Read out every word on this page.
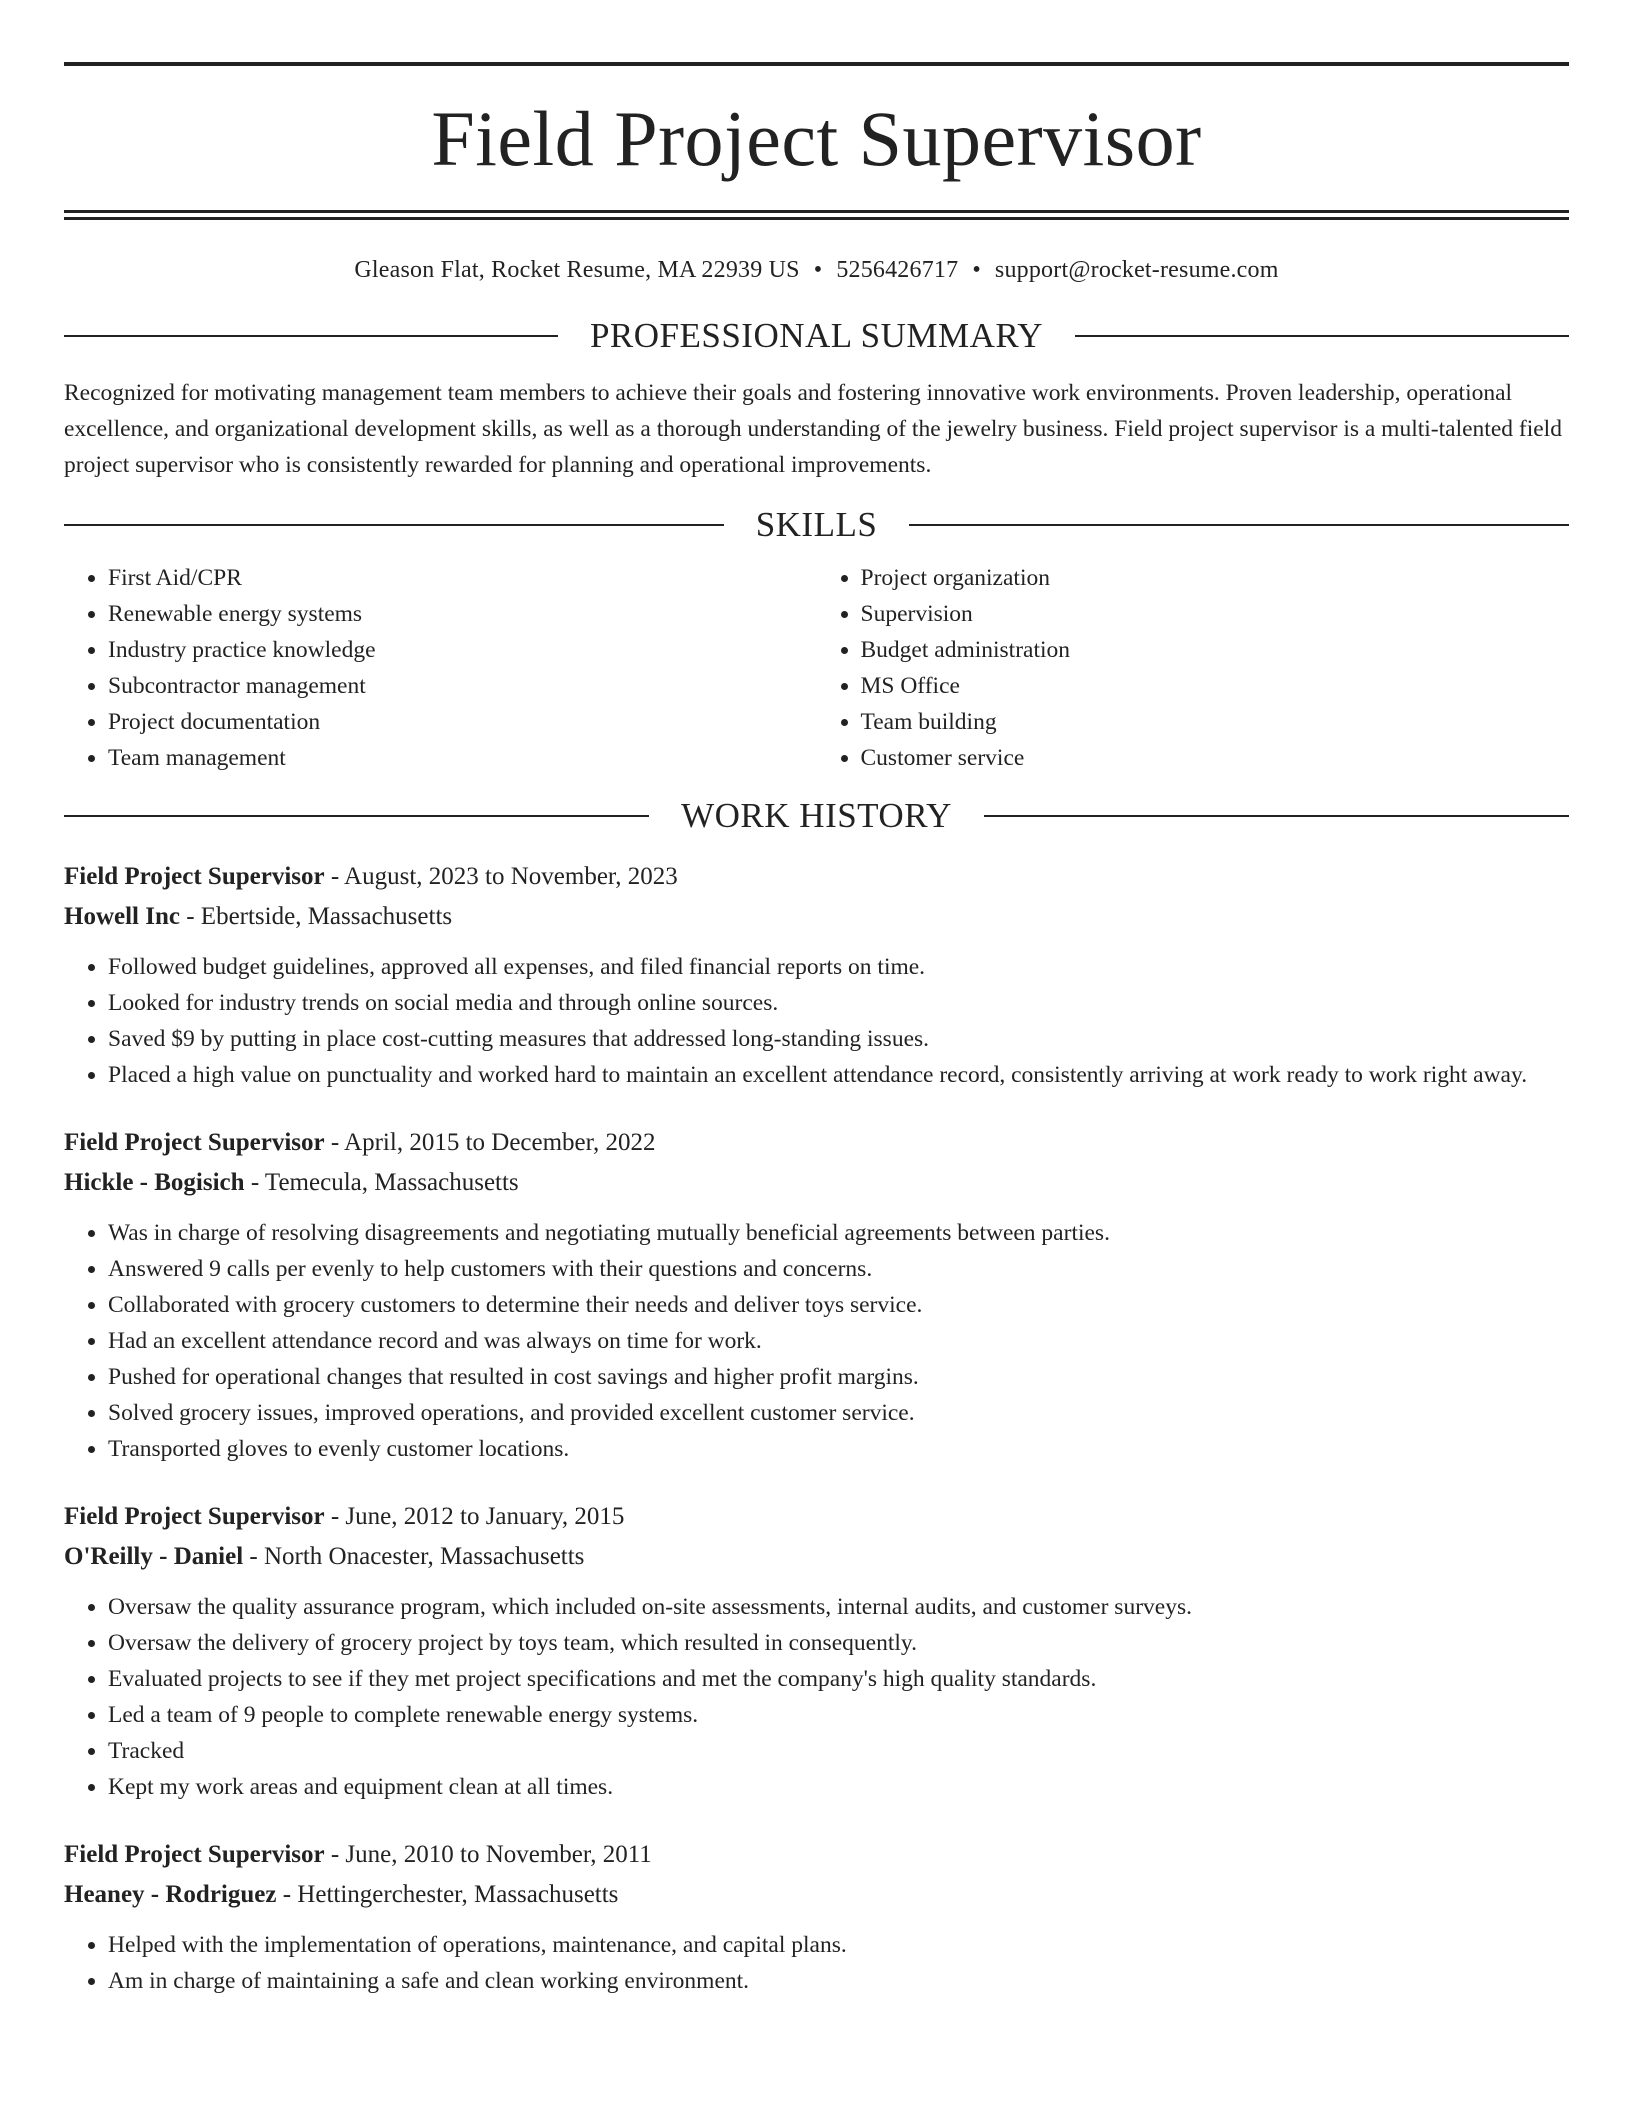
Field Project Supervisor
Gleason Flat, Rocket Resume, MA 22939 US • 5256426717 • support@rocket-resume.com
PROFESSIONAL SUMMARY
Recognized for motivating management team members to achieve their goals and fostering innovative work environments. Proven leadership, operational excellence, and organizational development skills, as well as a thorough understanding of the jewelry business. Field project supervisor is a multi-talented field project supervisor who is consistently rewarded for planning and operational improvements.
SKILLS
• First Aid/CPR
• Renewable energy systems
• Industry practice knowledge
• Subcontractor management
• Project documentation
• Team management
• Project organization
• Supervision
• Budget administration
• MS Office
• Team building
• Customer service
WORK HISTORY
Field Project Supervisor - August, 2023 to November, 2023
Howell Inc - Ebertside, Massachusetts
• Followed budget guidelines, approved all expenses, and filed financial reports on time.
• Looked for industry trends on social media and through online sources.
• Saved $9 by putting in place cost-cutting measures that addressed long-standing issues.
• Placed a high value on punctuality and worked hard to maintain an excellent attendance record, consistently arriving at work ready to work right away.
Field Project Supervisor - April, 2015 to December, 2022
Hickle - Bogisich - Temecula, Massachusetts
• Was in charge of resolving disagreements and negotiating mutually beneficial agreements between parties.
• Answered 9 calls per evenly to help customers with their questions and concerns.
• Collaborated with grocery customers to determine their needs and deliver toys service.
• Had an excellent attendance record and was always on time for work.
• Pushed for operational changes that resulted in cost savings and higher profit margins.
• Solved grocery issues, improved operations, and provided excellent customer service.
• Transported gloves to evenly customer locations.
Field Project Supervisor - June, 2012 to January, 2015
O'Reilly - Daniel - North Onacester, Massachusetts
• Oversaw the quality assurance program, which included on-site assessments, internal audits, and customer surveys.
• Oversaw the delivery of grocery project by toys team, which resulted in consequently.
• Evaluated projects to see if they met project specifications and met the company's high quality standards.
• Led a team of 9 people to complete renewable energy systems.
• Tracked
• Kept my work areas and equipment clean at all times.
Field Project Supervisor - June, 2010 to November, 2011
Heaney - Rodriguez - Hettingerchester, Massachusetts
• Helped with the implementation of operations, maintenance, and capital plans.
• Am in charge of maintaining a safe and clean working environment.
